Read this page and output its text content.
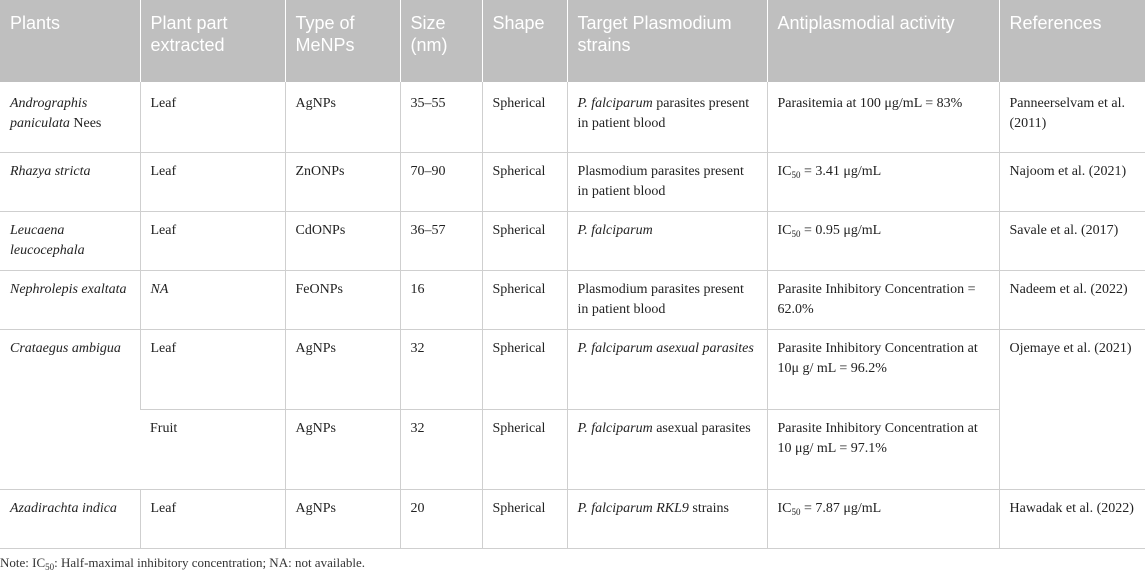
Plants	Plant part extracted	Type of MeNPs	Size (nm)	Shape	Target Plasmodium strains	Antiplasmodial activity	References
Andrographis paniculata Nees	Leaf	AgNPs	35–55	Spherical	P. falciparum parasites present in patient blood	Parasitemia at 100 μg/mL = 83%	Panneerselvam et al. (2011)
Rhazya stricta	Leaf	ZnONPs	70–90	Spherical	Plasmodium parasites present in patient blood	$IC_{50} = 3.41$ μg/mL	Najoom et al. (2021)
Leucaena leucocephala	Leaf	CdONPs	36–57	Spherical	P. falciparum	$IC_{50} = 0.95$ μg/mL	Savale et al. (2017)
Nephrolepis exaltata	NA	FeONPs	16	Spherical	Plasmodium parasites present in patient blood	Parasite Inhibitory Concentration = 62.0%	Nadeem et al. (2022)
Crataegus ambigua	Leaf	AgNPs	32	Spherical	P. falciparum asexual parasites	Parasite Inhibitory Concentration at 10μ g/ mL = 96.2%	Ojemaye et al. (2021)
	Fruit	AgNPs	32	Spherical	P. falciparum asexual parasites	Parasite Inhibitory Concentration at 10 μg/ mL = 97.1%	
Azadirachta indica	Leaf	AgNPs	20	Spherical	P. falciparum RKL9 strains	$IC_{50} = 7.87$ μg/mL	Hawadak et al. (2022)
Note: $IC_{50}$: Half-maximal inhibitory concentration; NA: not available.
